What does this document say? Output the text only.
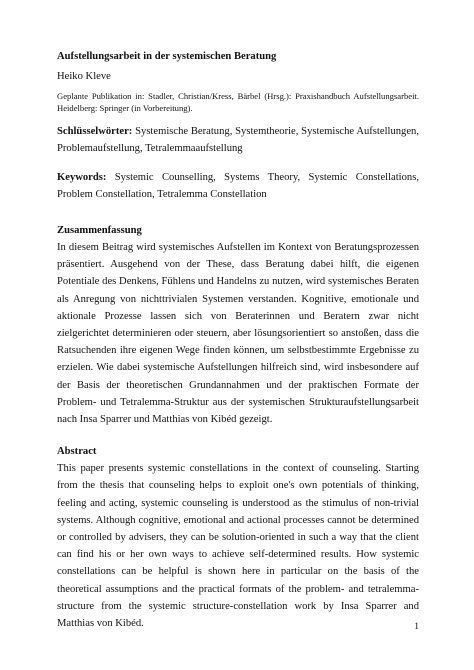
Aufstellungsarbeit in der systemischen Beratung

Heiko Kleve

Geplante Publikation in: Stadler, Christian/Kress, Bärbel (Hrsg.): Praxishandbuch Aufstellungsarbeit. Heidelberg: Springer (in Vorbereitung).

Schlüsselwörter: Systemische Beratung, Systemtheorie, Systemische Aufstellungen, Problemaufstellung, Tetralemmaaufstellung

Keywords: Systemic Counselling, Systems Theory, Systemic Constellations, Problem Constellation, Tetralemma Constellation

Zusammenfassung

In diesem Beitrag wird systemisches Aufstellen im Kontext von Beratungsprozessen präsentiert. Ausgehend von der These, dass Beratung dabei hilft, die eigenen Potentiale des Denkens, Fühlens und Handelns zu nutzen, wird systemisches Beraten als Anregung von nichttrivialen Systemen verstanden. Kognitive, emotionale und aktionale Prozesse lassen sich von Beraterinnen und Beratern zwar nicht zielgerichtet determinieren oder steuern, aber lösungsorientiert so anstoßen, dass die Ratsuchenden ihre eigenen Wege finden können, um selbstbestimmte Ergebnisse zu erzielen. Wie dabei systemische Aufstellungen hilfreich sind, wird insbesondere auf der Basis der theoretischen Grundannahmen und der praktischen Formate der Problem- und Tetralemma-Struktur aus der systemischen Strukturaufstellungsarbeit nach Insa Sparrer und Matthias von Kibéd gezeigt.

Abstract

This paper presents systemic constellations in the context of counseling. Starting from the thesis that counseling helps to exploit one's own potentials of thinking, feeling and acting, systemic counseling is understood as the stimulus of non-trivial systems. Although cognitive, emotional and actional processes cannot be determined or controlled by advisers, they can be solution-oriented in such a way that the client can find his or her own ways to achieve self-determined results. How systemic constellations can be helpful is shown here in particular on the basis of the theoretical assumptions and the practical formats of the problem- and tetralemma-structure from the systemic structure-constellation work by Insa Sparrer and Matthias von Kibéd.	1
